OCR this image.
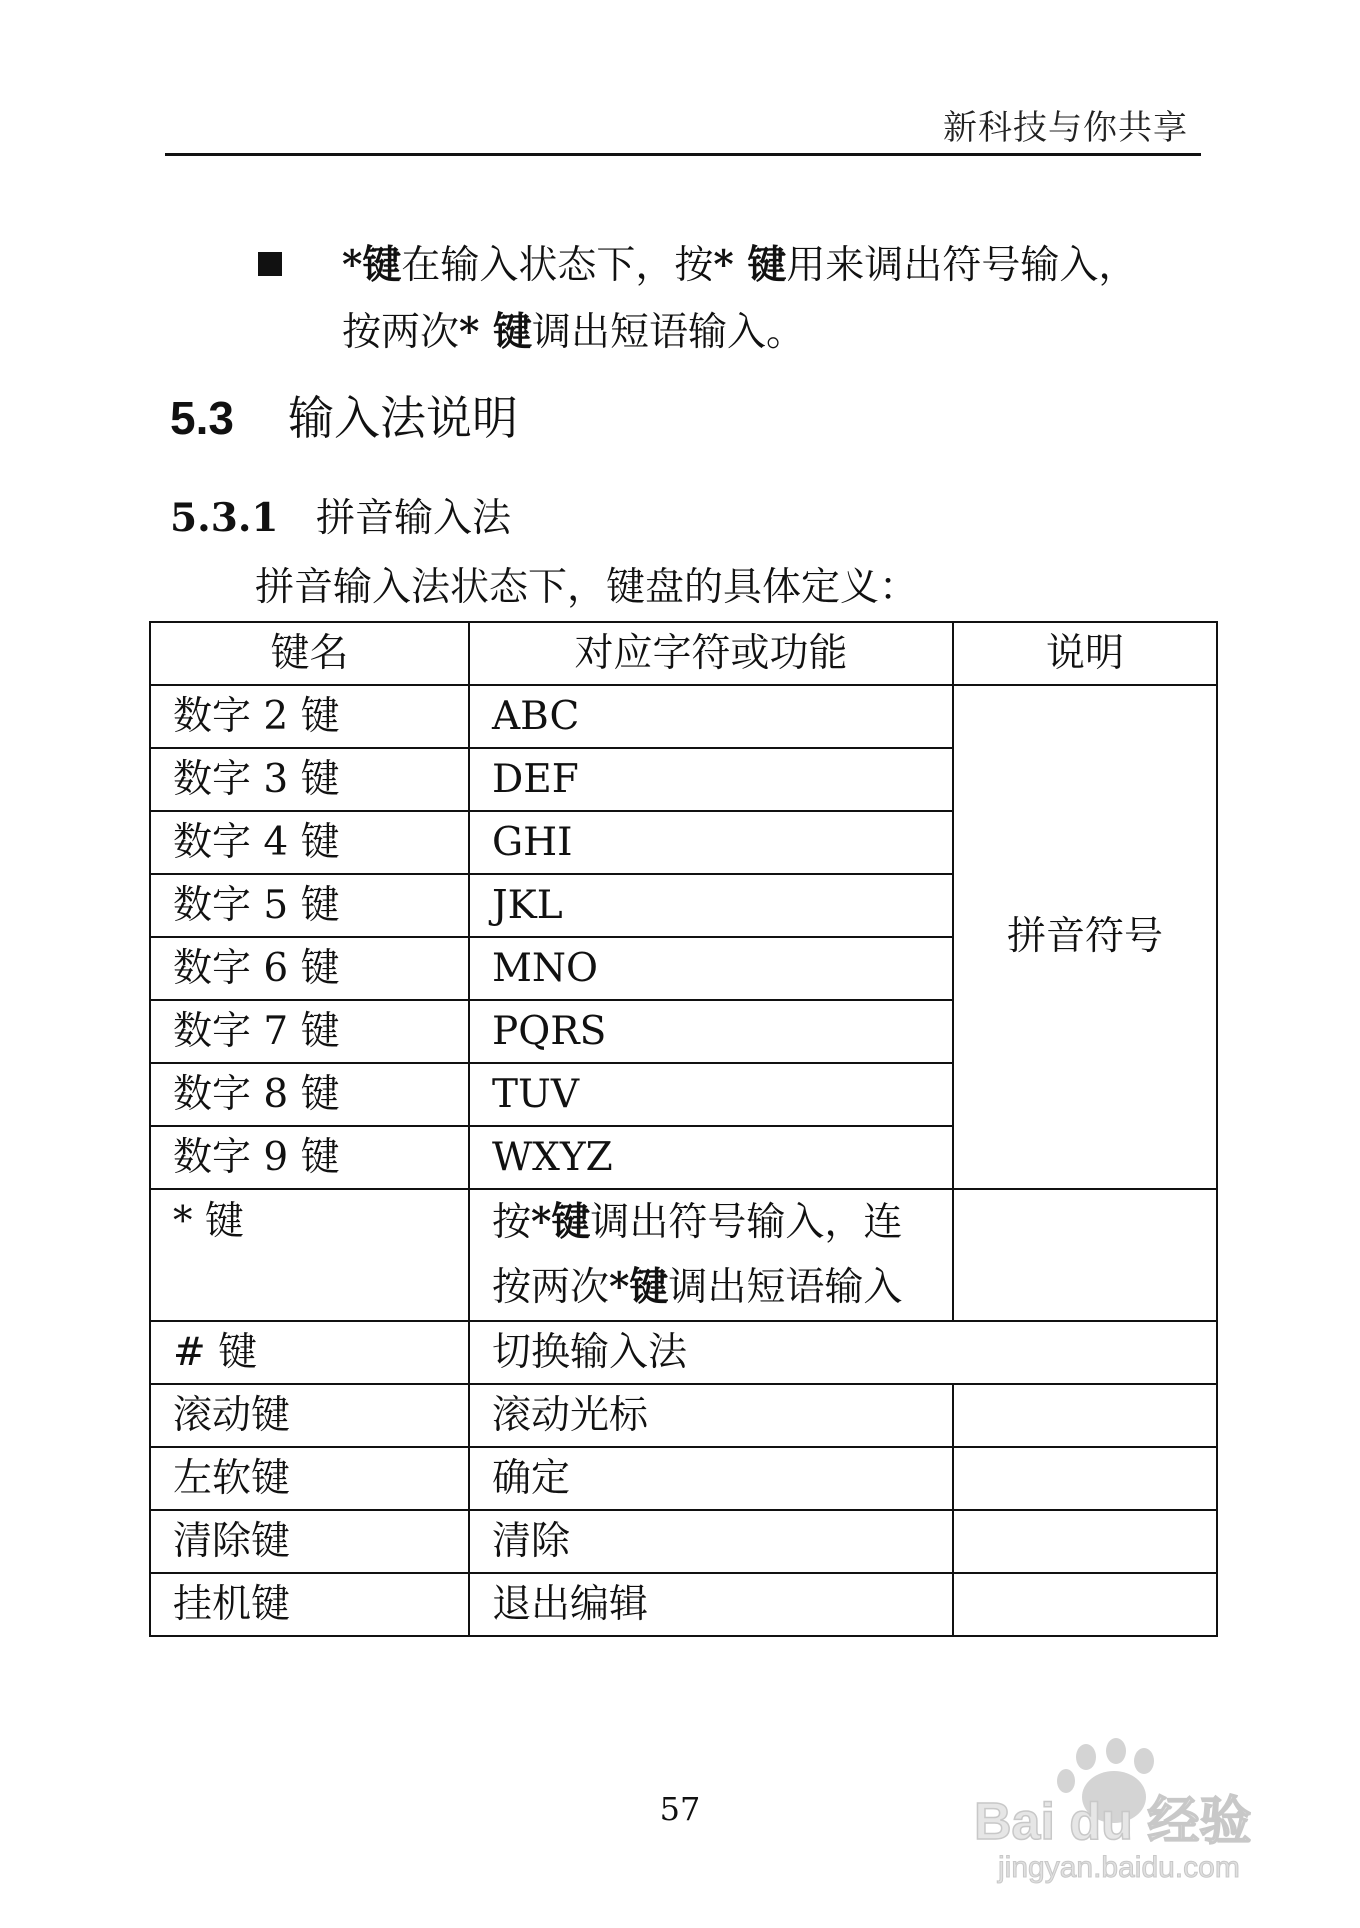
新科技与你共享
*键在输入状态下，按* 键用来调出符号输入，
按两次* 键调出短语输入。
5.3 输入法说明
5.3.1 拼音输入法
拼音输入法状态下，键盘的具体定义：
键名	对应字符或功能	说明
数字 2 键	ABC	拼音符号
数字 3 键	DEF	
数字 4 键	GHI	
数字 5 键	JKL	
数字 6 键	MNO	
数字 7 键	PQRS	
数字 8 键	TUV	
数字 9 键	WXYZ	
* 键	按*键调出符号输入，连按两次*键调出短语输入	
# 键	切换输入法	
滚动键	滚动光标	
左软键	确定	
清除键	清除	
挂机键	退出编辑	
57	Bai du 经验
jingyan.baidu.com
